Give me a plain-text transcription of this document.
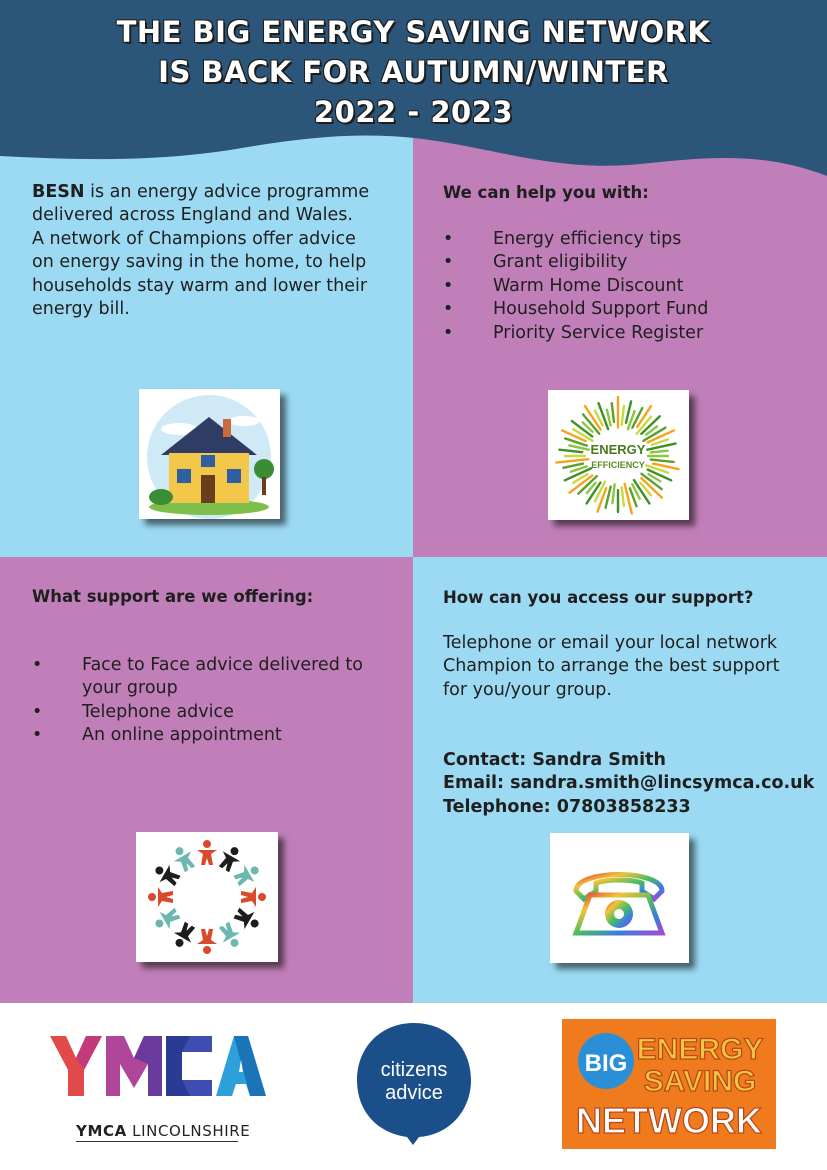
THE BIG ENERGY SAVING NETWORK
IS BACK FOR AUTUMN/WINTER
2022 - 2023
BESN is an energy advice programme
delivered across England and Wales.
A network of Champions offer advice
on energy saving in the home, to help
households stay warm and lower their
energy bill.
We can help you with:
• Energy efficiency tips
• Grant eligibility
• Warm Home Discount
• Household Support Fund
• Priority Service Register
ENERGY
EFFICIENCY
What support are we offering:
• Face to Face advice delivered to
your group
• Telephone advice
• An online appointment
How can you access our support?
Telephone or email your local network
Champion to arrange the best support
for you/your group.
Contact: Sandra Smith
Email: sandra.smith@lincsymca.co.uk
Telephone: 07803858233
YMCA LINCOLNSHIRE
citizens
advice
BIG ENERGY
SAVING
NETWORK
